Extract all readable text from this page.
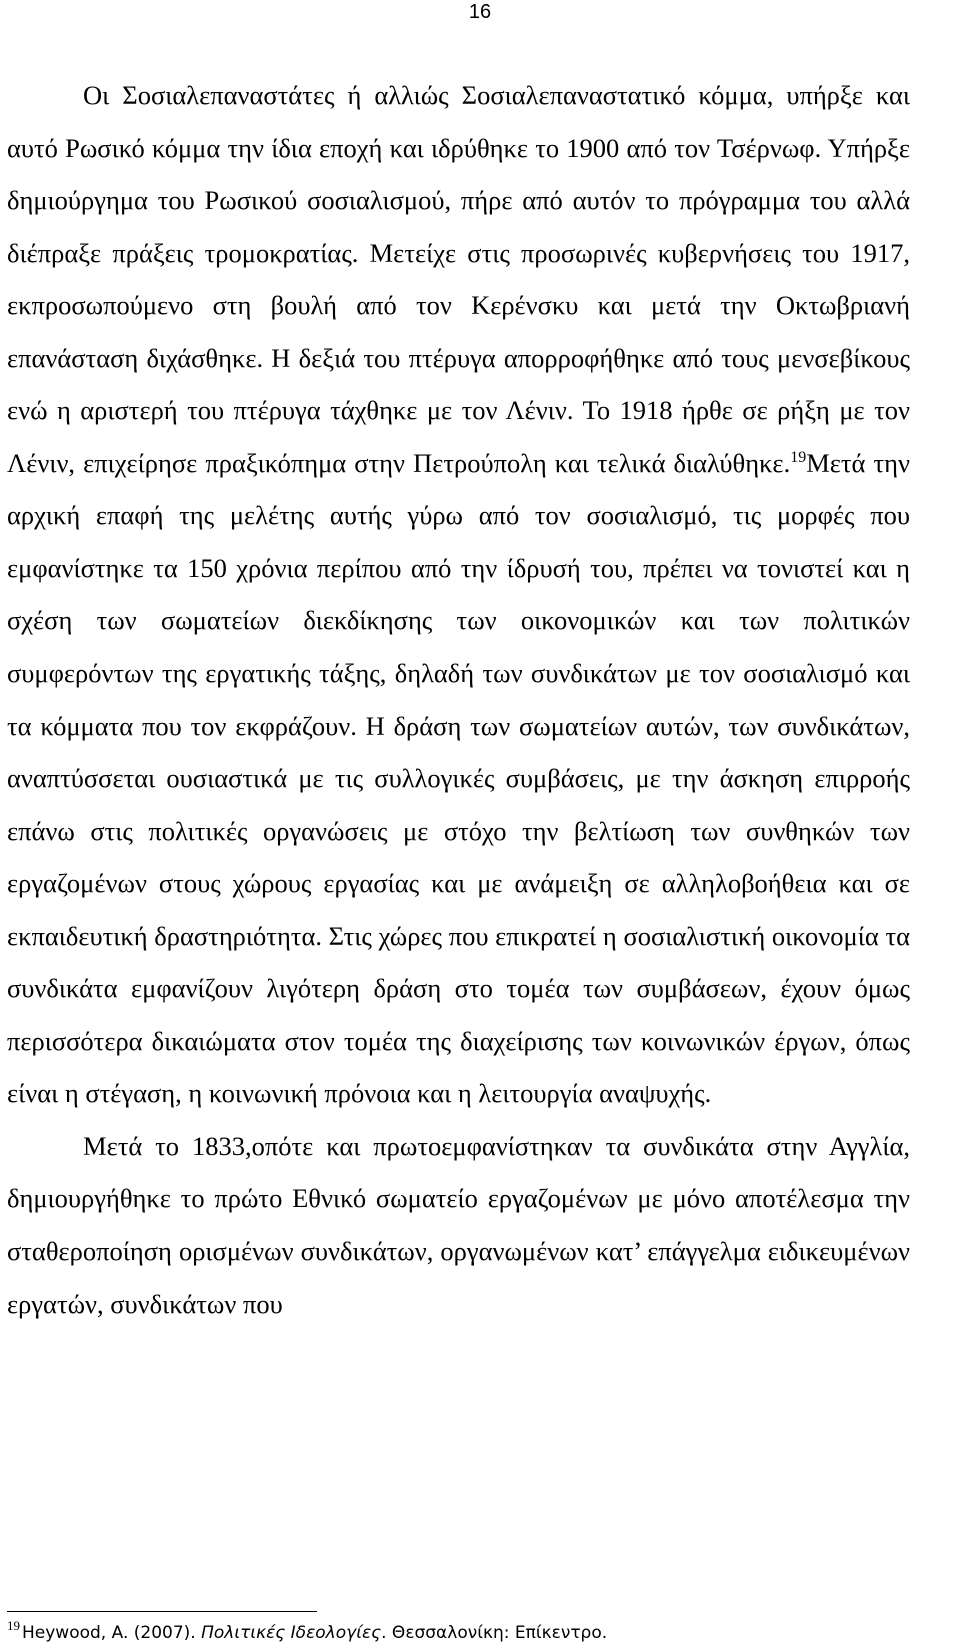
16

Οι Σοσιαλεπαναστάτες ή αλλιώς Σοσιαλεπαναστατικό κόμμα, υπήρξε και αυτό Ρωσικό κόμμα την ίδια εποχή και ιδρύθηκε το 1900 από τον Τσέρνωφ. Υπήρξε δημιούργημα του Ρωσικού σοσιαλισμού, πήρε από αυτόν το πρόγραμμα του αλλά διέπραξε πράξεις τρομοκρατίας. Μετείχε στις προσωρινές κυβερνήσεις του 1917, εκπροσωπούμενο στη βουλή από τον Κερένσκυ και μετά την Οκτωβριανή επανάσταση διχάσθηκε. Η δεξιά του πτέρυγα απορροφήθηκε από τους μενσεβίκους ενώ η αριστερή του πτέρυγα τάχθηκε με τον Λένιν. Το 1918 ήρθε σε ρήξη με τον Λένιν, επιχείρησε πραξικόπημα στην Πετρούπολη και τελικά διαλύθηκε.$^{19}$Μετά την αρχική επαφή της μελέτης αυτής γύρω από τον σοσιαλισμό, τις μορφές που εμφανίστηκε τα 150 χρόνια περίπου από την ίδρυσή του, πρέπει να τονιστεί και η σχέση των σωματείων διεκδίκησης των οικονομικών και των πολιτικών συμφερόντων της εργατικής τάξης, δηλαδή των συνδικάτων με τον σοσιαλισμό και τα κόμματα που τον εκφράζουν. Η δράση των σωματείων αυτών, των συνδικάτων, αναπτύσσεται ουσιαστικά με τις συλλογικές συμβάσεις, με την άσκηση επιρροής επάνω στις πολιτικές οργανώσεις με στόχο την βελτίωση των συνθηκών των εργαζομένων στους χώρους εργασίας και με ανάμειξη σε αλληλοβοήθεια και σε εκπαιδευτική δραστηριότητα. Στις χώρες που επικρατεί η σοσιαλιστική οικονομία τα συνδικάτα εμφανίζουν λιγότερη δράση στο τομέα των συμβάσεων, έχουν όμως περισσότερα δικαιώματα στον τομέα της διαχείρισης των κοινωνικών έργων, όπως είναι η στέγαση, η κοινωνική πρόνοια και η λειτουργία αναψυχής.

Μετά το 1833,οπότε και πρωτοεμφανίστηκαν τα συνδικάτα στην Αγγλία, δημιουργήθηκε το πρώτο Εθνικό σωματείο εργαζομένων με μόνο αποτέλεσμα την σταθεροποίηση ορισμένων συνδικάτων, οργανωμένων κατ’ επάγγελμα ειδικευμένων εργατών, συνδικάτων που

$^{19}$ Heywood, A. (2007). Πολιτικές Ιδεολογίες. Θεσσαλονίκη: Επίκεντρο.
